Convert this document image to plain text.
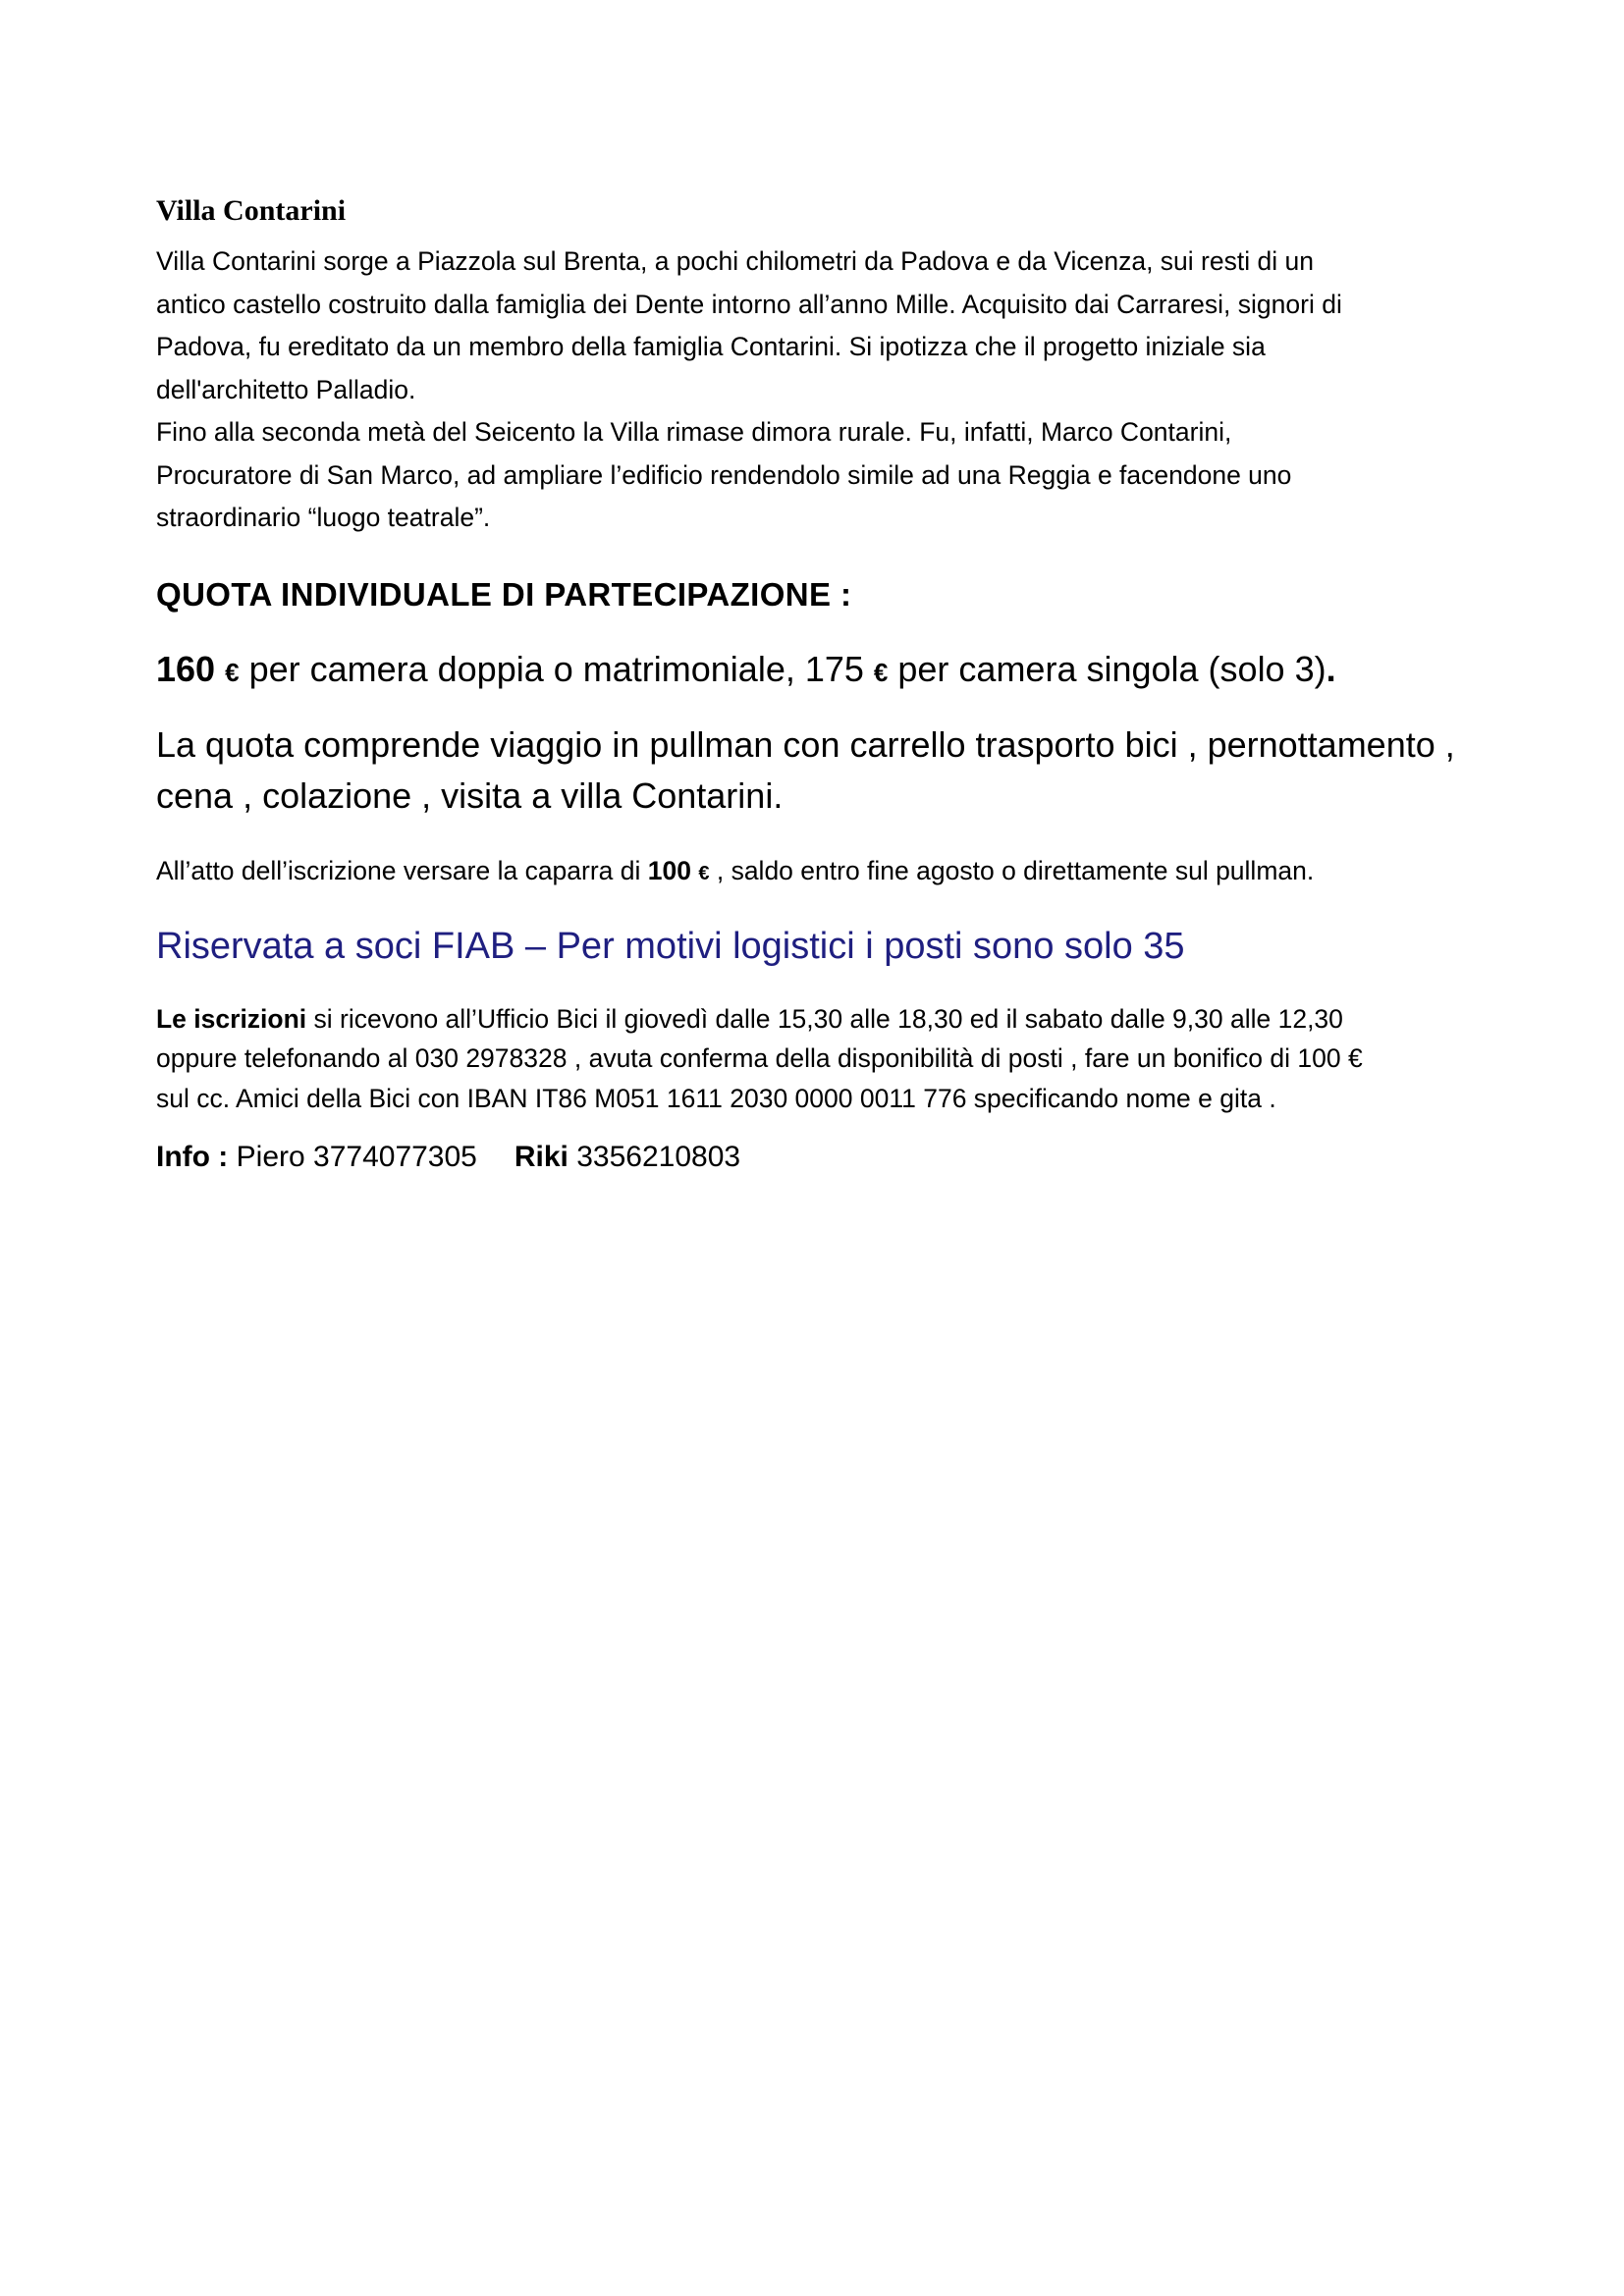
Villa Contarini

Villa Contarini sorge a Piazzola sul Brenta, a pochi chilometri da Padova e da Vicenza, sui resti di un

antico castello costruito dalla famiglia dei Dente intorno all’anno Mille. Acquisito dai Carraresi, signori di

Padova, fu ereditato da un membro della famiglia Contarini. Si ipotizza che il progetto iniziale sia

dell'architetto Palladio.

Fino alla seconda metà del Seicento la Villa rimase dimora rurale. Fu, infatti, Marco Contarini,

Procuratore di San Marco, ad ampliare l’edificio rendendolo simile ad una Reggia e facendone uno

straordinario “luogo teatrale”.

QUOTA INDIVIDUALE DI PARTECIPAZIONE :
160 € per camera doppia o matrimoniale, 175 € per camera singola (solo 3).
La quota comprende viaggio in pullman con carrello trasporto bici , pernottamento ,
cena , colazione , visita a villa Contarini.
All’atto dell’iscrizione versare la caparra di 100 € , saldo entro fine agosto o direttamente sul pullman.
Riservata a soci FIAB – Per motivi logistici i posti sono solo 35
Le iscrizioni si ricevono all’Ufficio Bici il giovedì dalle 15,30 alle 18,30 ed il sabato dalle 9,30 alle 12,30
oppure telefonando al 030 2978328 , avuta conferma della disponibilità di posti , fare un bonifico di 100 €
sul cc. Amici della Bici con IBAN IT86 M051 1611 2030 0000 0011 776 specificando nome e gita .
Info : Piero 3774077305 Riki 3356210803
